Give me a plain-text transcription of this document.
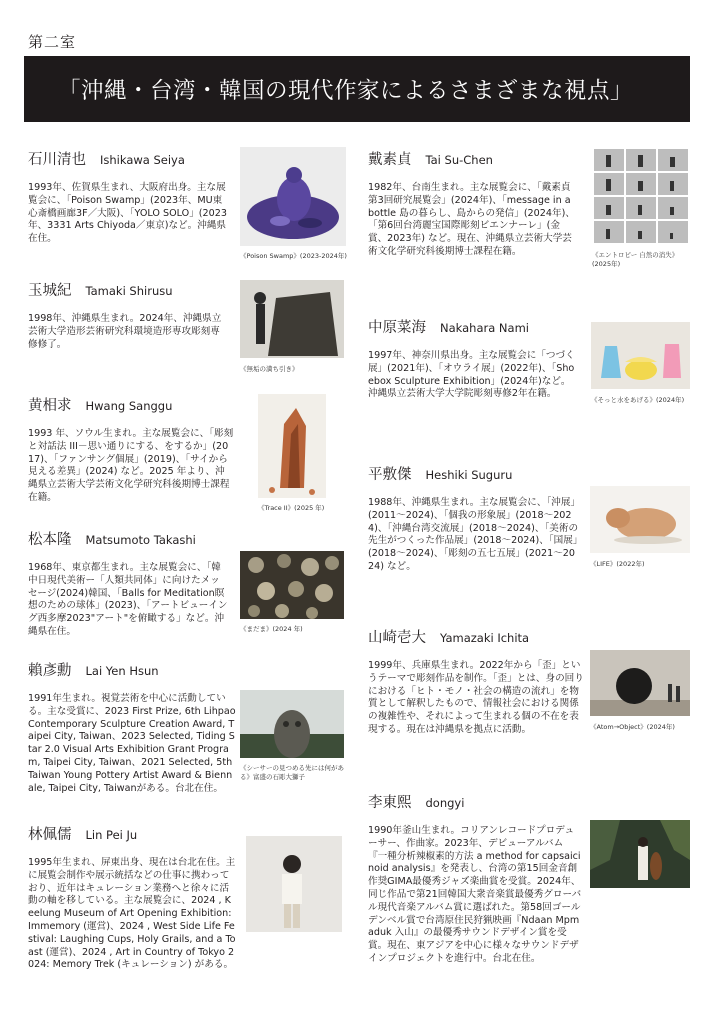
第二室
「沖縄・台湾・韓国の現代作家によるさまざまな視点」
石川清也 Ishikawa Seiya
1993年、佐賀県生まれ、大阪府出身。主な展覧会に、「Poison Swamp」(2023年、MU東心斎橋画廊3F／大阪)、「YOLO SOLO」(2023年、3331 Arts Chiyoda／東京)など。沖縄県在住。
《Poison Swamp》(2023-2024年)
玉城紀 Tamaki Shirusu
1998年、沖縄県生まれ。2024年、沖縄県立芸術大学造形芸術研究科環境造形専攻彫刻専修修了。
《無垢の満ち引き》
黄相求 Hwang Sanggu
1993 年、ソウル生まれ。主な展覧会に、「彫刻と対話法 III－思い通りにする、をするか」(2017)、「ファンサング個展」(2019)、「サイから見える差異」(2024) など。2025 年より、沖縄県立芸術大学芸術文化学研究科後期博士課程在籍。
《Trace II》(2025 年)
松本隆 Matsumoto Takashi
1968年、東京都生まれ。主な展覧会に、「韓中日現代美術ー「人類共同体」に向けたメッセージ(2024)韓国、「Balls for Meditation瞑想のための球体」(2023)、「アートビューイング西多摩2023"アート"を俯瞰する」など。沖縄県在住。	《まだま》(2024 年)
賴彥勳 Lai Yen Hsun
1991年生まれ。視覚芸術を中心に活動している。主な受賞に、2023 First Prize, 6th Lihpao Contemporary Sculpture Creation Award, Taipei City, Taiwan、2023 Selected, Tiding Star 2.0 Visual Arts Exhibition Grant Program, Taipei City, Taiwan、2021 Selected, 5th Taiwan Young Pottery Artist Award & Biennale, Taipei City, Taiwanがある。台北在住。
《シーサーの見つめる先には何がある》富盛の石彫大獅子
林佩儒 Lin Pei Ju
1995年生まれ、屏東出身、現在は台北在住。主に展覧会制作や展示統括などの仕事に携わっており、近年はキュレーション業務へと徐々に活動の軸を移している。主な展覧会に、2024 , Keelung Museum of Art Opening Exhibition: Immemory (運営)、2024 , West Side Life Festival: Laughing Cups, Holy Grails, and a Toast (運営)、2024 , Art in Country of Tokyo 2024: Memory Trek (キュレーション) がある。
戴素貞 Tai Su-Chen
1982年、台南生まれ。主な展覧会に、「戴素貞第3回研究展覧会」(2024年)、「message in a bottle 島の暮らし、島からの発信」(2024年)、「第6回台湾麗宝国際彫刻ビエンナーレ」(金賞、2023年) など。現在、沖縄県立芸術大学芸術文化学研究科後期博士課程在籍。	《エントロピー 自然の消失》(2025年)
中原菜海 Nakahara Nami
1997年、神奈川県出身。主な展覧会に「つづく展」(2021年)、「オウライ展」(2022年)、「Shoebox Sculpture Exhibition」(2024年)など。沖縄県立芸術大学大学院彫刻専修2年在籍。
《そっと水をあげる》(2024年)
平敷傑 Heshiki Suguru
1988年、沖縄県生まれ。主な展覧会に、「沖展」(2011～2024)、「個我の形象展」(2018～2024)、「沖縄台湾交流展」(2018～2024)、「美術の先生がつくった作品展」(2018～2024)、「国展」(2018～2024)、「彫刻の五七五展」(2021～2024) など。	《LIFE》(2022年)
山崎壱大 Yamazaki Ichita
1999年、兵庫県生まれ。2022年から「歪」というテーマで彫刻作品を制作。「歪」とは、身の回りにおける「ヒト・モノ・社会の構造の流れ」を物質として解釈したもので、情報社会における関係の複雑性や、それによって生まれる個の不在を表現する。現在は沖縄県を拠点に活動。	《Atom→Object》(2024年)
李東熙 dongyi
1990年釜山生まれ。コリアンレコードプロデューサー、作曲家。2023年、デビューアルバム『一種分析辣椒素的方法 a method for capsaicinoid analysis』を発表し、台湾の第15回金音創作奨GIMA最優秀ジャズ楽曲賞を受賞。2024年、同じ作品で第21回韓国大衆音楽賞最優秀グローバル現代音楽アルバム賞に選ばれた。第58回ゴールデンベル賞で台湾原住民狩猟映画『Ndaan Mpmaduk 入山』の最優秀サウンドデザイン賞を受賞。現在、東アジアを中心に様々なサウンドデザインプロジェクトを進行中。台北在住。
